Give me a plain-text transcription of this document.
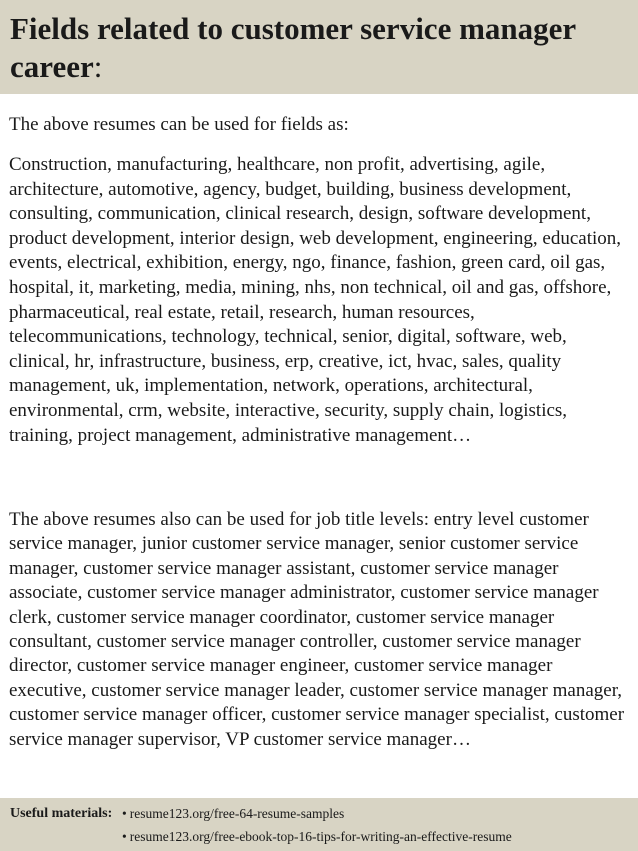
Fields related to customer service manager career:

The above resumes can be used for fields as:

Construction, manufacturing, healthcare, non profit, advertising, agile, architecture, automotive, agency, budget, building, business development, consulting, communication, clinical research, design, software development, product development, interior design, web development, engineering, education, events, electrical, exhibition, energy, ngo, finance, fashion, green card, oil gas, hospital, it, marketing, media, mining, nhs, non technical, oil and gas, offshore, pharmaceutical, real estate, retail, research, human resources, telecommunications, technology, technical, senior, digital, software, web, clinical, hr, infrastructure, business, erp, creative, ict, hvac, sales, quality management, uk, implementation, network, operations, architectural, environmental, crm, website, interactive, security, supply chain, logistics, training, project management, administrative management…

The above resumes also can be used for job title levels: entry level customer service manager, junior customer service manager, senior customer service manager, customer service manager assistant, customer service manager associate, customer service manager administrator, customer service manager clerk, customer service manager coordinator, customer service manager consultant, customer service manager controller, customer service manager director, customer service manager engineer, customer service manager executive, customer service manager leader, customer service manager manager, customer service manager officer, customer service manager specialist, customer service manager supervisor, VP customer service manager…

Useful materials: • resume123.org/free-64-resume-samples
• resume123.org/free-ebook-top-16-tips-for-writing-an-effective-resume
